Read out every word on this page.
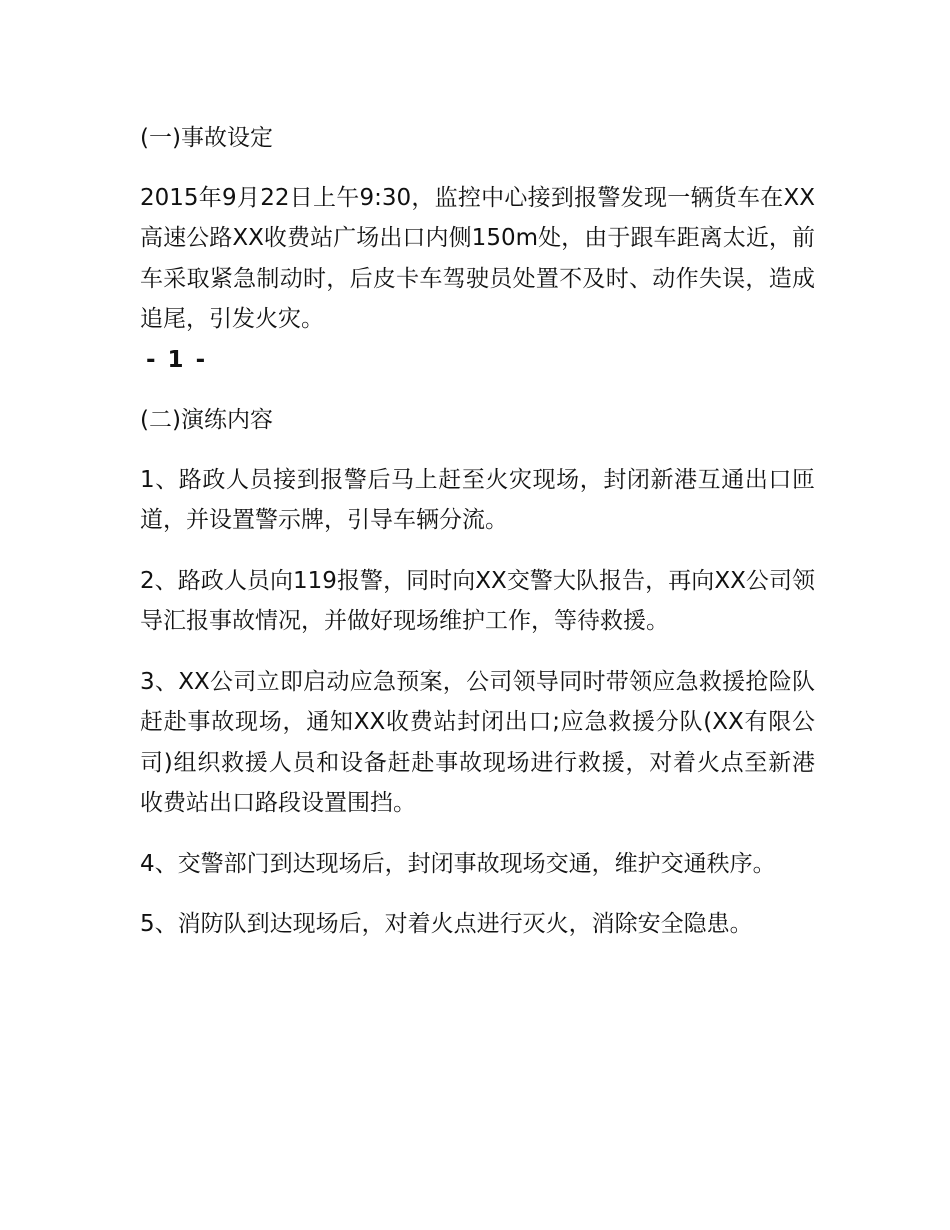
(一)事故设定
2015年9月22日上午9:30，监控中心接到报警发现一辆货车在XX高速公路XX收费站广场出口内侧150m处，由于跟车距离太近，前车采取紧急制动时，后皮卡车驾驶员处置不及时、动作失误，造成追尾，引发火灾。
- 1 -
(二)演练内容
1、路政人员接到报警后马上赶至火灾现场，封闭新港互通出口匝道，并设置警示牌，引导车辆分流。
2、路政人员向119报警，同时向XX交警大队报告，再向XX公司领导汇报事故情况，并做好现场维护工作，等待救援。
3、XX公司立即启动应急预案，公司领导同时带领应急救援抢险队赶赴事故现场，通知XX收费站封闭出口;应急救援分队(XX有限公司)组织救援人员和设备赶赴事故现场进行救援，对着火点至新港收费站出口路段设置围挡。
4、交警部门到达现场后，封闭事故现场交通，维护交通秩序。
5、消防队到达现场后，对着火点进行灭火，消除安全隐患。
